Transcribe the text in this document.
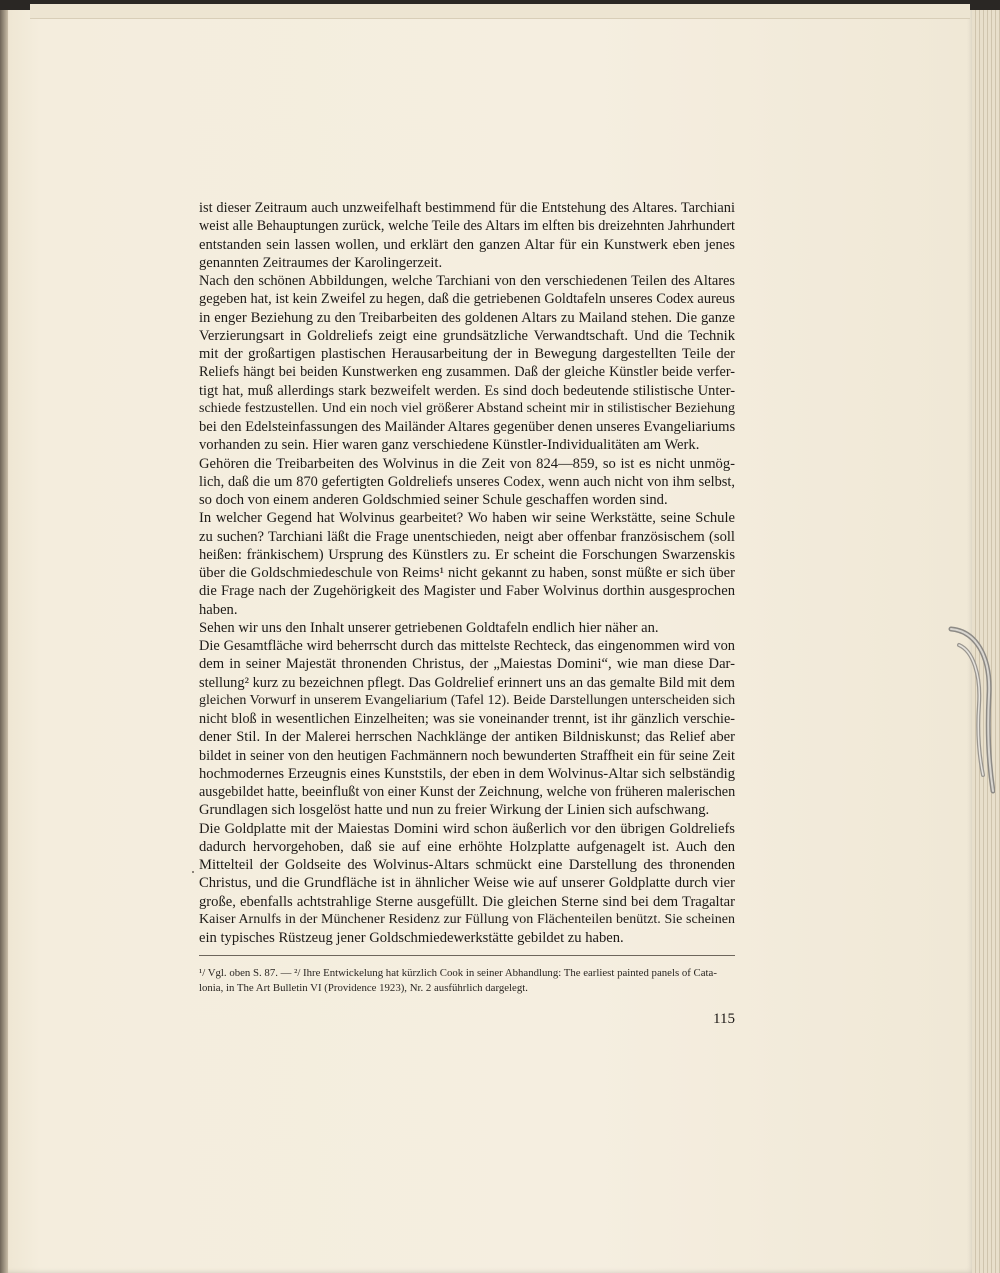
ist dieser Zeitraum auch unzweifelhaft bestimmend für die Entstehung des Altares. Tarchiani
weist alle Behauptungen zurück, welche Teile des Altars im elften bis dreizehnten Jahrhundert
entstanden sein lassen wollen, und erklärt den ganzen Altar für ein Kunstwerk eben jenes
genannten Zeitraumes der Karolingerzeit.
Nach den schönen Abbildungen, welche Tarchiani von den verschiedenen Teilen des Altares
gegeben hat, ist kein Zweifel zu hegen, daß die getriebenen Goldtafeln unseres Codex aureus
in enger Beziehung zu den Treibarbeiten des goldenen Altars zu Mailand stehen. Die ganze
Verzierungsart in Goldreliefs zeigt eine grundsätzliche Verwandtschaft. Und die Technik
mit der großartigen plastischen Herausarbeitung der in Bewegung dargestellten Teile der
Reliefs hängt bei beiden Kunstwerken eng zusammen. Daß der gleiche Künstler beide verfer-
tigt hat, muß allerdings stark bezweifelt werden. Es sind doch bedeutende stilistische Unter-
schiede festzustellen. Und ein noch viel größerer Abstand scheint mir in stilistischer Beziehung
bei den Edelsteinfassungen des Mailänder Altares gegenüber denen unseres Evangeliariums
vorhanden zu sein. Hier waren ganz verschiedene Künstler-Individualitäten am Werk.
Gehören die Treibarbeiten des Wolvinus in die Zeit von 824—859, so ist es nicht unmög-
lich, daß die um 870 gefertigten Goldreliefs unseres Codex, wenn auch nicht von ihm selbst,
so doch von einem anderen Goldschmied seiner Schule geschaffen worden sind.
In welcher Gegend hat Wolvinus gearbeitet? Wo haben wir seine Werkstätte, seine Schule
zu suchen? Tarchiani läßt die Frage unentschieden, neigt aber offenbar französischem (soll
heißen: fränkischem) Ursprung des Künstlers zu. Er scheint die Forschungen Swarzenskis
über die Goldschmiedeschule von Reims¹ nicht gekannt zu haben, sonst müßte er sich über
die Frage nach der Zugehörigkeit des Magister und Faber Wolvinus dorthin ausgesprochen
haben.
Sehen wir uns den Inhalt unserer getriebenen Goldtafeln endlich hier näher an.
Die Gesamtfläche wird beherrscht durch das mittelste Rechteck, das eingenommen wird von
dem in seiner Majestät thronenden Christus, der „Maiestas Domini“, wie man diese Dar-
stellung² kurz zu bezeichnen pflegt. Das Goldrelief erinnert uns an das gemalte Bild mit dem
gleichen Vorwurf in unserem Evangeliarium (Tafel 12). Beide Darstellungen unterscheiden sich
nicht bloß in wesentlichen Einzelheiten; was sie voneinander trennt, ist ihr gänzlich verschie-
dener Stil. In der Malerei herrschen Nachklänge der antiken Bildniskunst; das Relief aber
bildet in seiner von den heutigen Fachmännern noch bewunderten Straffheit ein für seine Zeit
hochmodernes Erzeugnis eines Kunststils, der eben in dem Wolvinus-Altar sich selbständig
ausgebildet hatte, beeinflußt von einer Kunst der Zeichnung, welche von früheren malerischen
Grundlagen sich losgelöst hatte und nun zu freier Wirkung der Linien sich aufschwang.
Die Goldplatte mit der Maiestas Domini wird schon äußerlich vor den übrigen Goldreliefs
dadurch hervorgehoben, daß sie auf eine erhöhte Holzplatte aufgenagelt ist. Auch den
Mittelteil der Goldseite des Wolvinus-Altars schmückt eine Darstellung des thronenden
Christus, und die Grundfläche ist in ähnlicher Weise wie auf unserer Goldplatte durch vier
große, ebenfalls achtstrahlige Sterne ausgefüllt. Die gleichen Sterne sind bei dem Tragaltar
Kaiser Arnulfs in der Münchener Residenz zur Füllung von Flächenteilen benützt. Sie scheinen
ein typisches Rüstzeug jener Goldschmiedewerkstätte gebildet zu haben.
¹/ Vgl. oben S. 87. — ²/ Ihre Entwickelung hat kürzlich Cook in seiner Abhandlung: The earliest painted panels of Cata-
lonia, in The Art Bulletin VI (Providence 1923), Nr. 2 ausführlich dargelegt.
115
